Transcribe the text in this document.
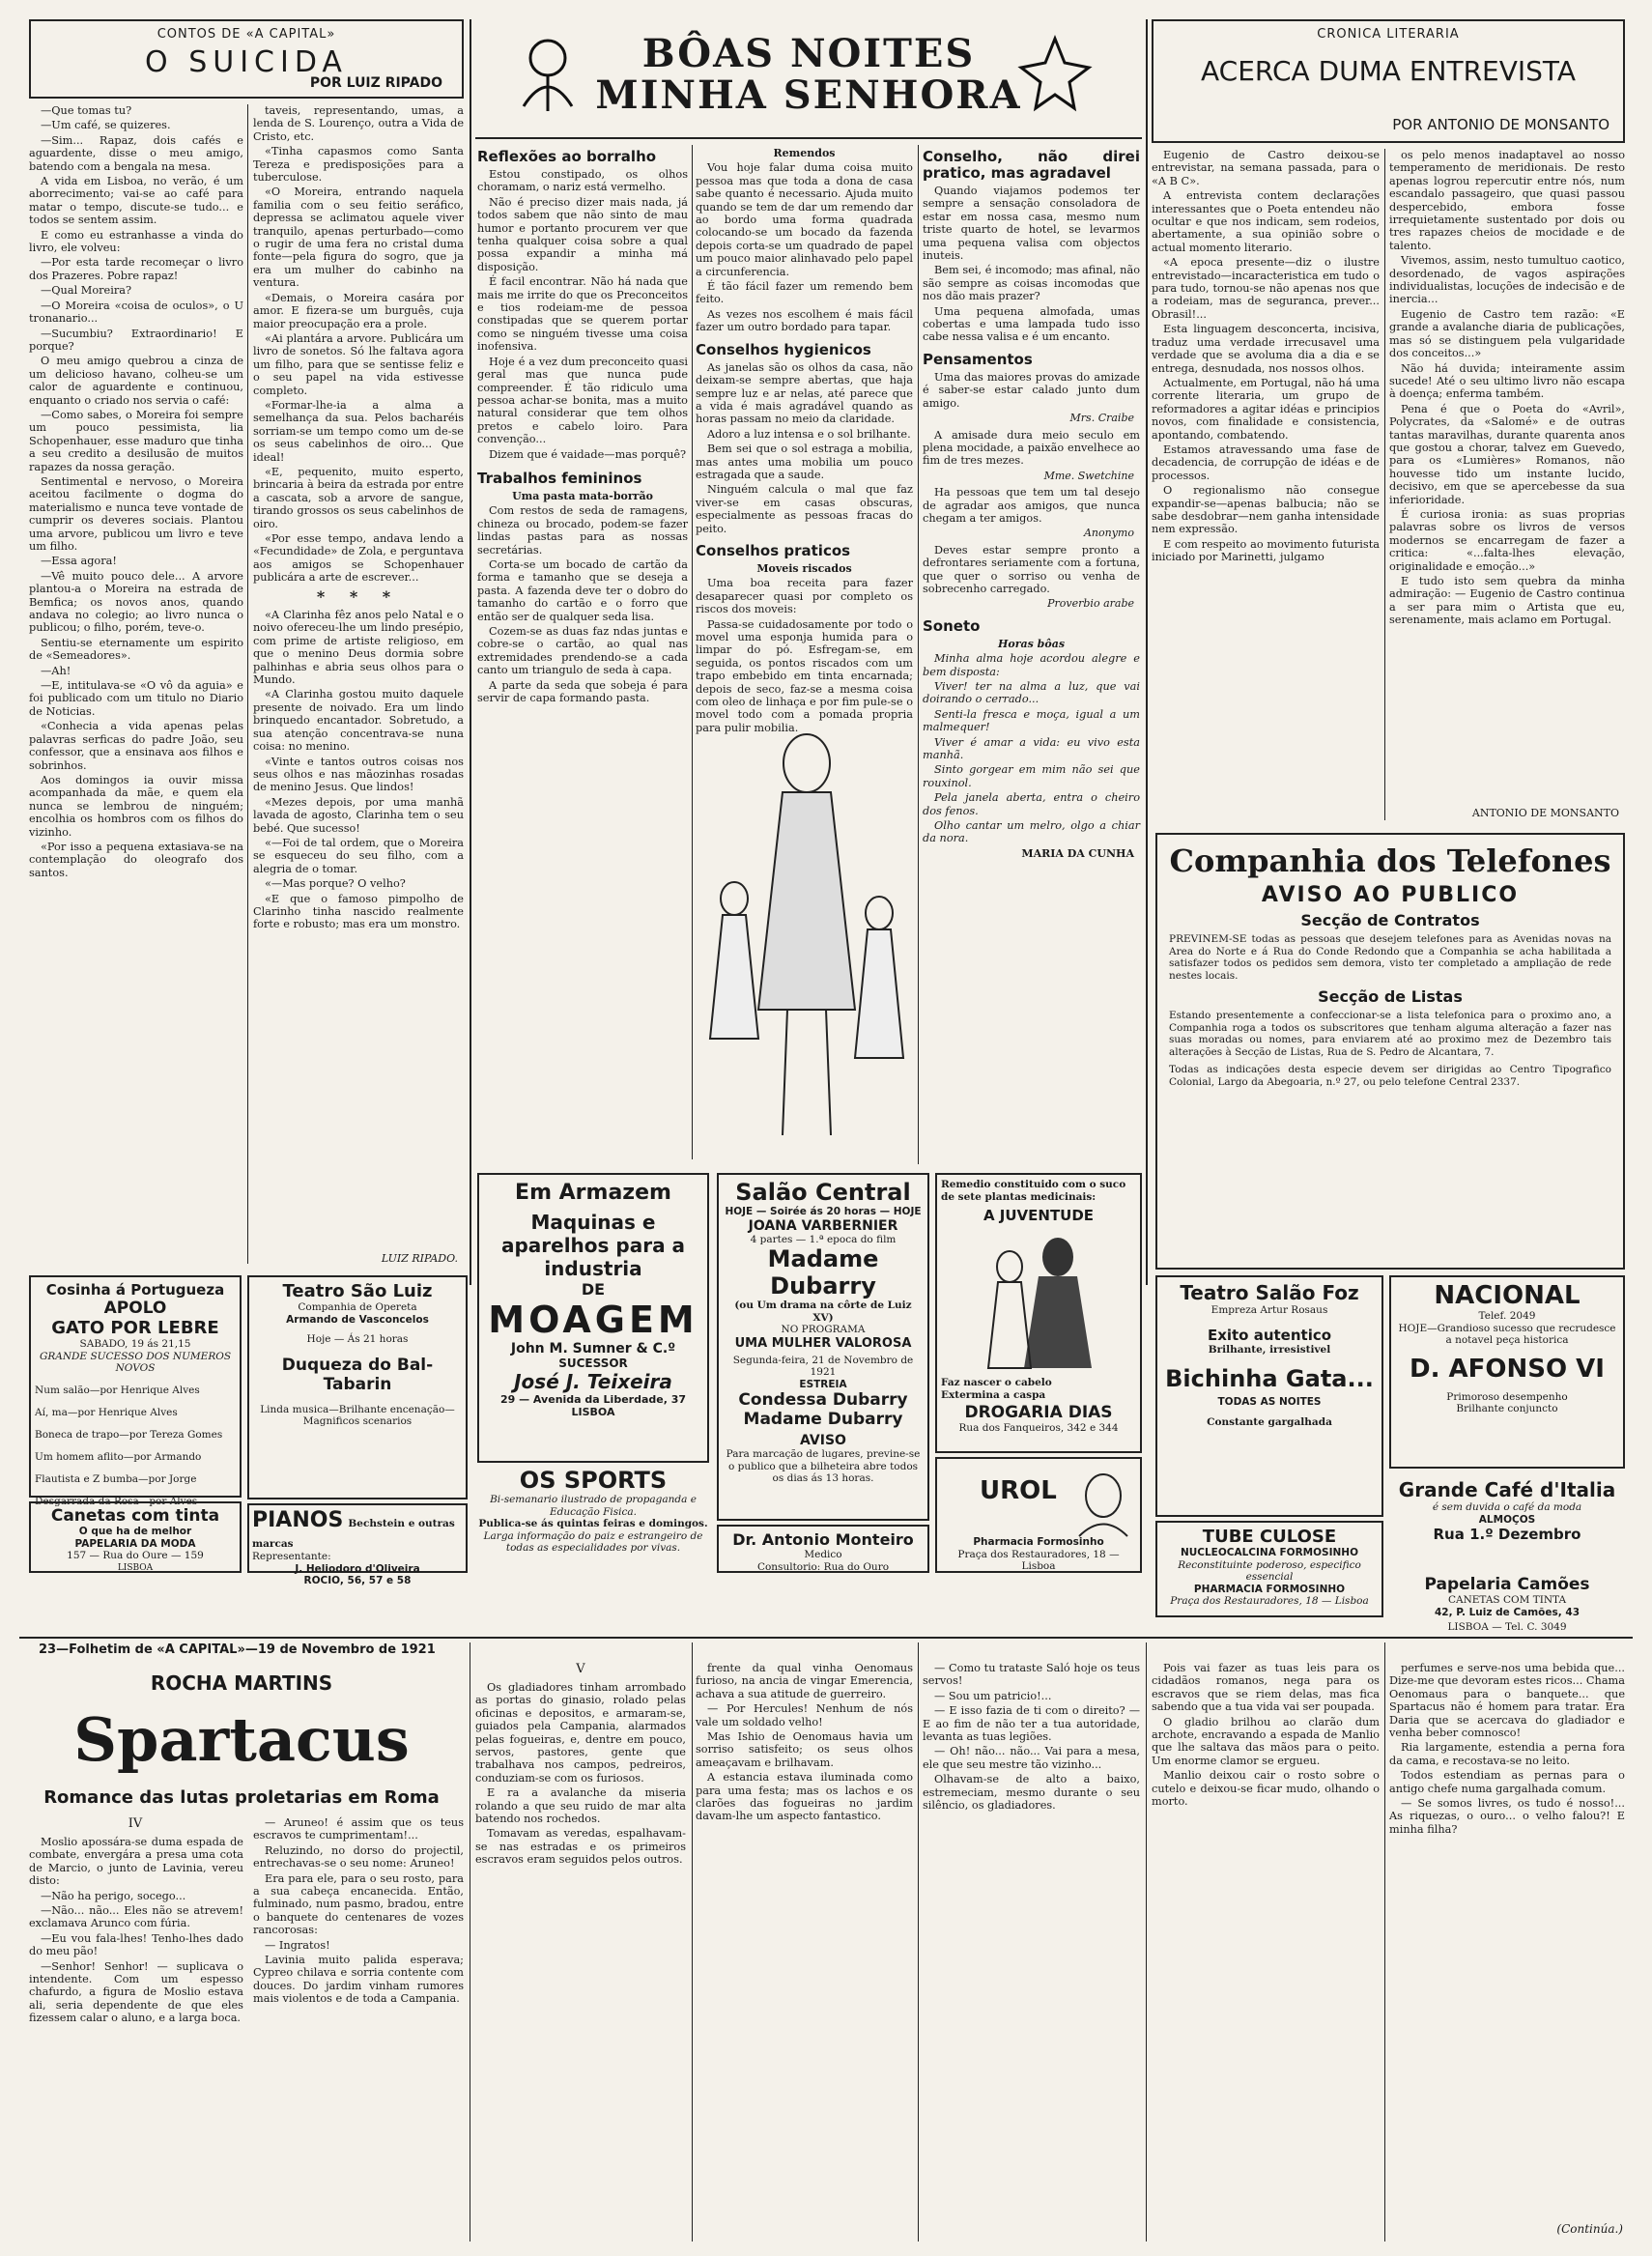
CONTOS DE «A CAPITAL»
O SUICIDA
POR LUIZ RIPADO

—Que tomas tu?

—Um café, se quizeres.

—Sim... Rapaz, dois cafés e aguardente, disse o meu amigo, batendo com a bengala na mesa.

A vida em Lisboa, no verão, é um aborrecimento; vai-se ao café para matar o tempo, discute-se tudo... e todos se sentem assim.

E como eu estranhasse a vinda do livro, ele volveu:

—Por esta tarde recomeçar o livro dos Prazeres. Pobre rapaz!

—Qual Moreira?

—O Moreira «coisa de oculos», o U tronanario...

—Sucumbiu? Extraordinario! E porque?

O meu amigo quebrou a cinza de um delicioso havano, colheu-se um calor de aguardente e continuou, enquanto o criado nos servia o café:

—Como sabes, o Moreira foi sempre um pouco pessimista, lia Schopenhauer, esse maduro que tinha a seu credito a desilusão de muitos rapazes da nossa geração.

Sentimental e nervoso, o Moreira aceitou facilmente o dogma do materialismo e nunca teve vontade de cumprir os deveres sociais. Plantou uma arvore, publicou um livro e teve um filho.

—Essa agora!

—Vê muito pouco dele... A arvore plantou-a o Moreira na estrada de Bemfica; os novos anos, quando andava no colegio; ao livro nunca o publicou; o filho, porém, teve-o.

Sentiu-se eternamente um espirito de «Semeadores».

—Ah!

—E, intitulava-se «O vô da aguia» e foi publicado com um titulo no Diario de Noticias.

«Conhecia a vida apenas pelas palavras serficas do padre João, seu confessor, que a ensinava aos filhos e sobrinhos.

Aos domingos ia ouvir missa acompanhada da mãe, e quem ela nunca se lembrou de ninguém; encolhia os hombros com os filhos do vizinho.

«Por isso a pequena extasiava-se na contemplação do oleografo dos santos.

taveis, representando, umas, a lenda de S. Lourenço, outra a Vida de Cristo, etc.

«Tinha capasmos como Santa Tereza e predisposições para a tuberculose.

«O Moreira, entrando naquela familia com o seu feitio seráfico, depressa se aclimatou aquele viver tranquilo, apenas perturbado—como o rugir de uma fera no cristal duma fonte—pela figura do sogro, que ja era um mulher do cabinho na ventura.

«Demais, o Moreira casára por amor. E fizera-se um burguês, cuja maior preocupação era a prole.

«Ai plantára a arvore. Publicára um livro de sonetos. Só lhe faltava agora um filho, para que se sentisse feliz e o seu papel na vida estivesse completo.

«Formar-lhe-ia a alma a semelhança da sua. Pelos bacharéis sorriam-se um tempo como um de-se os seus cabelinhos de oiro... Que ideal!

«E, pequenito, muito esperto, brincaria à beira da estrada por entre a cascata, sob a arvore de sangue, tirando grossos os seus cabelinhos de oiro.

«Por esse tempo, andava lendo a «Fecundidade» de Zola, e perguntava aos amigos se Schopenhauer publicára a arte de escrever...

* * *

«A Clarinha fêz anos pelo Natal e o noivo ofereceu-lhe um lindo presépio, com prime de artiste religioso, em que o menino Deus dormia sobre palhinhas e abria seus olhos para o Mundo.

«A Clarinha gostou muito daquele presente de noivado. Era um lindo brinquedo encantador. Sobretudo, a sua atenção concentrava-se nuna coisa: no menino.

«Vinte e tantos outros coisas nos seus olhos e nas mãozinhas rosadas de menino Jesus. Que lindos!

«Mezes depois, por uma manhã lavada de agosto, Clarinha tem o seu bebé. Que sucesso!

«—Foi de tal ordem, que o Moreira se esqueceu do seu filho, com a alegria de o tomar.

«—Mas porque? O velho?

«E que o famoso pimpolho de Clarinho tinha nascido realmente forte e robusto; mas era um monstro.

LUIZ RIPADO.
BÔAS NOITES
MINHA SENHORA
Reflexões ao borralho

Estou constipado, os olhos choramam, o nariz está vermelho.

Não é preciso dizer mais nada, já todos sabem que não sinto de mau humor e portanto procurem ver que tenha qualquer coisa sobre a qual possa expandir a minha má disposição.

É facil encontrar. Não há nada que mais me irrite do que os Preconceitos e tios rodeiam-me de pessoa constipadas que se querem portar como se ninguém tivesse uma coisa inofensiva.

Hoje é a vez dum preconceito quasi geral mas que nunca pude compreender. É tão ridiculo uma pessoa achar-se bonita, mas a muito natural considerar que tem olhos pretos e cabelo loiro. Para convenção...

Dizem que é vaidade—mas porquê?

Trabalhos femininos
Uma pasta mata-borrão

Com restos de seda de ramagens, chineza ou brocado, podem-se fazer lindas pastas para as nossas secretárias.

Corta-se um bocado de cartão da forma e tamanho que se deseja a pasta. A fazenda deve ter o dobro do tamanho do cartão e o forro que então ser de qualquer seda lisa.

Cozem-se as duas faz ndas juntas e cobre-se o cartão, ao qual nas extremidades prendendo-se a cada canto um triangulo de seda à capa.

A parte da seda que sobeja é para servir de capa formando pasta.

Remendos

Vou hoje falar duma coisa muito pessoa mas que toda a dona de casa sabe quanto é necessario. Ajuda muito quando se tem de dar um remendo dar ao bordo uma forma quadrada colocando-se um bocado da fazenda depois corta-se um quadrado de papel um pouco maior alinhavado pelo papel a circunferencia.

É tão fácil fazer um remendo bem feito.

As vezes nos escolhem é mais fácil fazer um outro bordado para tapar.

Conselhos hygienicos

As janelas são os olhos da casa, não deixam-se sempre abertas, que haja sempre luz e ar nelas, até parece que a vida é mais agradável quando as horas passam no meio da claridade.

Adoro a luz intensa e o sol brilhante.

Bem sei que o sol estraga a mobilia, mas antes uma mobilia um pouco estragada que a saude.

Ninguém calcula o mal que faz viver-se em casas obscuras, especialmente as pessoas fracas do peito.

Conselhos praticos
Moveis riscados

Uma boa receita para fazer desaparecer quasi por completo os riscos dos moveis:

Passa-se cuidadosamente por todo o movel uma esponja humida para o limpar do pó. Esfregam-se, em seguida, os pontos riscados com um trapo embebido em tinta encarnada; depois de seco, faz-se a mesma coisa com oleo de linhaça e por fim pule-se o movel todo com a pomada propria para pulir mobilia.

Conselho, não direi pratico, mas agradavel

Quando viajamos podemos ter sempre a sensação consoladora de estar em nossa casa, mesmo num triste quarto de hotel, se levarmos uma pequena valisa com objectos inuteis.

Bem sei, é incomodo; mas afinal, não são sempre as coisas incomodas que nos dão mais prazer?

Uma pequena almofada, umas cobertas e uma lampada tudo isso cabe nessa valisa e é um encanto.

Pensamentos

Uma das maiores provas do amizade é saber-se estar calado junto dum amigo.

Mrs. Craibe

A amisade dura meio seculo em plena mocidade, a paixão envelhece ao fim de tres mezes.

Mme. Swetchine

Ha pessoas que tem um tal desejo de agradar aos amigos, que nunca chegam a ter amigos.

Anonymo

Deves estar sempre pronto a defrontares seriamente com a fortuna, que quer o sorriso ou venha de sobrecenho carregado.

Proverbio arabe
Soneto
Horas bôas

Minha alma hoje acordou alegre e bem disposta:

Viver! ter na alma a luz, que vai doirando o cerrado...

Senti-la fresca e moça, igual a um malmequer!

Viver é amar a vida: eu vivo esta manhã.

Sinto gorgear em mim não sei que rouxinol.

Pela janela aberta, entra o cheiro dos fenos.

Olho cantar um melro, olgo a chiar da nora.

MARIA DA CUNHA
CRONICA LITERARIA
ACERCA DUMA ENTREVISTA
POR ANTONIO DE MONSANTO

Eugenio de Castro deixou-se entrevistar, na semana passada, para o «A B C».

A entrevista contem declarações interessantes que o Poeta entendeu não ocultar e que nos indicam, sem rodeios, abertamente, a sua opinião sobre o actual momento literario.

«A epoca presente—diz o ilustre entrevistado—incaracteristica em tudo o para tudo, tornou-se não apenas nos que a rodeiam, mas de seguranca, prever... Obrasil!...

Esta linguagem desconcerta, incisiva, traduz uma verdade irrecusavel uma verdade que se avoluma dia a dia e se entrega, desnudada, nos nossos olhos.

Actualmente, em Portugal, não há uma corrente literaria, um grupo de reformadores a agitar idéas e principios novos, com finalidade e consistencia, apontando, combatendo.

Estamos atravessando uma fase de decadencia, de corrupção de idéas e de processos.

O regionalismo não consegue expandir-se—apenas balbucia; não se sabe desdobrar—nem ganha intensidade nem expressão.

E com respeito ao movimento futurista iniciado por Marinetti, julgamo

os pelo menos inadaptavel ao nosso temperamento de meridionais. De resto apenas logrou repercutir entre nós, num escandalo passageiro, que quasi passou despercebido, embora fosse irrequietamente sustentado por dois ou tres rapazes cheios de mocidade e de talento.

Vivemos, assim, nesto tumultuo caotico, desordenado, de vagos aspirações individualistas, locuções de indecisão e de inercia...

Eugenio de Castro tem razão: «E grande a avalanche diaria de publicações, mas só se distinguem pela vulgaridade dos conceitos...»

Não há duvida; inteiramente assim sucede! Até o seu ultimo livro não escapa à doença; enferma também.

Pena é que o Poeta do «Avril», Polycrates, da «Salomé» e de outras tantas maravilhas, durante quarenta anos que gostou a chorar, talvez em Guevedo, para os «Lumières» Romanos, não houvesse tido um instante lucido, decisivo, em que se apercebesse da sua inferioridade.

É curiosa ironia: as suas proprias palavras sobre os livros de versos modernos se encarregam de fazer a critica: «...falta-lhes elevação, originalidade e emoção...»

E tudo isto sem quebra da minha admiração: — Eugenio de Castro continua a ser para mim o Artista que eu, serenamente, mais aclamo em Portugal.

ANTONIO DE MONSANTO
Companhia dos Telefones
AVISO AO PUBLICO
Secção de Contratos
PREVINEM-SE todas as pessoas que desejem telefones para as Avenidas novas na Area do Norte e á Rua do Conde Redondo que a Companhia se acha habilitada a satisfazer todos os pedidos sem demora, visto ter completado a ampliação de rede nestes locais.
Secção de Listas
Estando presentemente a confeccionar-se a lista telefonica para o proximo ano, a Companhia roga a todos os subscritores que tenham alguma alteração a fazer nas suas moradas ou nomes, para enviarem até ao proximo mez de Dezembro tais alterações à Secção de Listas, Rua de S. Pedro de Alcantara, 7.
Todas as indicações desta especie devem ser dirigidas ao Centro Tipografico Colonial, Largo da Abegoaria, n.º 27, ou pelo telefone Central 2337.
Em Armazem
Maquinas e aparelhos para a industria
DE
MOAGEM
John M. Sumner & C.º
SUCESSOR
José J. Teixeira
29 — Avenida da Liberdade, 37
LISBOA
OS SPORTS
Bi-semanario ilustrado de propaganda e Educação Fisica.
Publica-se ás quintas feiras e domingos.
Larga informação do paiz e estrangeiro de todas as especialidades por vivas.
Salão Central
HOJE — Soirée ás 20 horas — HOJE
JOANA VARBERNIER
4 partes — 1.ª epoca do film
Madame Dubarry
(ou Um drama na côrte de Luiz XV)
NO PROGRAMA
UMA MULHER VALOROSA
Segunda-feira, 21 de Novembro de 1921
ESTREIA
Condessa Dubarry
Madame Dubarry
AVISO
Para marcação de lugares, previne-se o publico que a bilheteira abre todos os dias ás 13 horas.
Dr. Antonio Monteiro
Medico
Consultorio: Rua do Ouro
Remedio constituido com o suco de sete plantas medicinais:
A JUVENTUDE
Faz nascer o cabelo
Extermina a caspa
DROGARIA DIAS
Rua dos Fanqueiros, 342 e 344
UROL
Pharmacia Formosinho
Praça dos Restauradores, 18 — Lisboa
Cosinha á Portugueza
APOLO
GATO POR LEBRE
SABADO, 19 ás 21,15
GRANDE SUCESSO DOS NUMEROS NOVOS

Num salão—por Henrique Alves

Aí, ma—por Henrique Alves

Boneca de trapo—por Tereza Gomes

Um homem aflito—por Armando

Flautista e Z bumba—por Jorge

Desgarrada da Rosa—por Alves

Canetas com tinta
O que ha de melhor
PAPELARIA DA MODA
157 — Rua do Oure — 159
LISBOA
Teatro São Luiz
Companhia de Opereta
Armando de Vasconcelos
Hoje — Ás 21 horas
Duqueza do Bal-Tabarin
Linda musica—Brilhante encenação—Magnificos scenarios
PIANOS Bechstein e outras marcas
Representante:
J. Heliodoro d'Oliveira
ROCIO, 56, 57 e 58
Teatro Salão Foz
Empreza Artur Rosaus
Exito autentico
Brilhante, irresistivel
Bichinha Gata...
TODAS AS NOITES
Constante gargalhada
TUBE CULOSE
NUCLEOCALCINA FORMOSINHO
Reconstituinte poderoso, especifico essencial
PHARMACIA FORMOSINHO
Praça dos Restauradores, 18 — Lisboa
NACIONAL
Telef. 2049
HOJE—Grandioso sucesso que recrudesce a notavel peça historica
D. AFONSO VI
Primoroso desempenho
Brilhante conjuncto
Grande Café d'Italia
é sem duvida o café da moda
ALMOÇOS
Rua 1.º Dezembro
Papelaria Camões
CANETAS COM TINTA
42, P. Luiz de Camões, 43
LISBOA — Tel. C. 3049
23—Folhetim de «A CAPITAL»—19 de Novembro de 1921
ROCHA MARTINS
Spartacus
Romance das lutas proletarias em Roma
IV

Moslio apossára-se duma espada de combate, envergára a presa uma cota de Marcio, o junto de Lavinia, vereu disto:

—Não ha perigo, socego...

—Não... não... Eles não se atrevem! exclamava Arunco com fúria.

—Eu vou fala-lhes! Tenho-lhes dado do meu pão!

—Senhor! Senhor! — suplicava o intendente. Com um espesso chafurdo, a figura de Moslio estava ali, seria dependente de que eles fizessem calar o aluno, e a larga boca.

— Aruneo! é assim que os teus escravos te cumprimentam!...

Reluzindo, no dorso do projectil, entrechavas-se o seu nome: Aruneo!

Era para ele, para o seu rosto, para a sua cabeça encanecida. Então, fulminado, num pasmo, bradou, entre o banquete do centenares de vozes rancorosas:

— Ingratos!

Lavinia muito palida esperava; Cypreo chilava e sorria contente com douces. Do jardim vinham rumores mais violentos e de toda a Campania.

V

Os gladiadores tinham arrombado as portas do ginasio, rolado pelas oficinas e depositos, e armaram-se, guiados pela Campania, alarmados pelas fogueiras, e, dentre em pouco, servos, pastores, gente que trabalhava nos campos, pedreiros, conduziam-se com os furiosos.

E ra a avalanche da miseria rolando a que seu ruido de mar alta batendo nos rochedos.

Tomavam as veredas, espalhavam-se nas estradas e os primeiros escravos eram seguidos pelos outros.

frente da qual vinha Oenomaus furioso, na ancia de vingar Emerencia, achava a sua atitude de guerreiro.

— Por Hercules! Nenhum de nós vale um soldado velho!

Mas Ishio de Oenomaus havia um sorriso satisfeito; os seus olhos ameaçavam e brilhavam.

A estancia estava iluminada como para uma festa; mas os lachos e os clarões das fogueiras no jardim davam-lhe um aspecto fantastico.

— Como tu trataste Saló hoje os teus servos!

— Sou um patricio!...

— E isso fazia de ti com o direito? — E ao fim de não ter a tua autoridade, levanta as tuas legiões.

— Oh! não... não... Vai para a mesa, ele que seu mestre tão vizinho...

Olhavam-se de alto a baixo, estremeciam, mesmo durante o seu silêncio, os gladiadores.

Pois vai fazer as tuas leis para os cidadãos romanos, nega para os escravos que se riem delas, mas fica sabendo que a tua vida vai ser poupada.

O gladio brilhou ao clarão dum archote, encravando a espada de Manlio que lhe saltava das mãos para o peito. Um enorme clamor se ergueu.

Manlio deixou cair o rosto sobre o cutelo e deixou-se ficar mudo, olhando o morto.

perfumes e serve-nos uma bebida que... Dize-me que devoram estes ricos... Chama Oenomaus para o banquete... que Spartacus não é homem para tratar. Era Daria que se acercava do gladiador e venha beber comnosco!

Ria largamente, estendia a perna fora da cama, e recostava-se no leito.

Todos estendiam as pernas para o antigo chefe numa gargalhada comum.

— Se somos livres, os tudo é nosso!... As riquezas, o ouro... o velho falou?! E minha filha?

(Continúa.)
